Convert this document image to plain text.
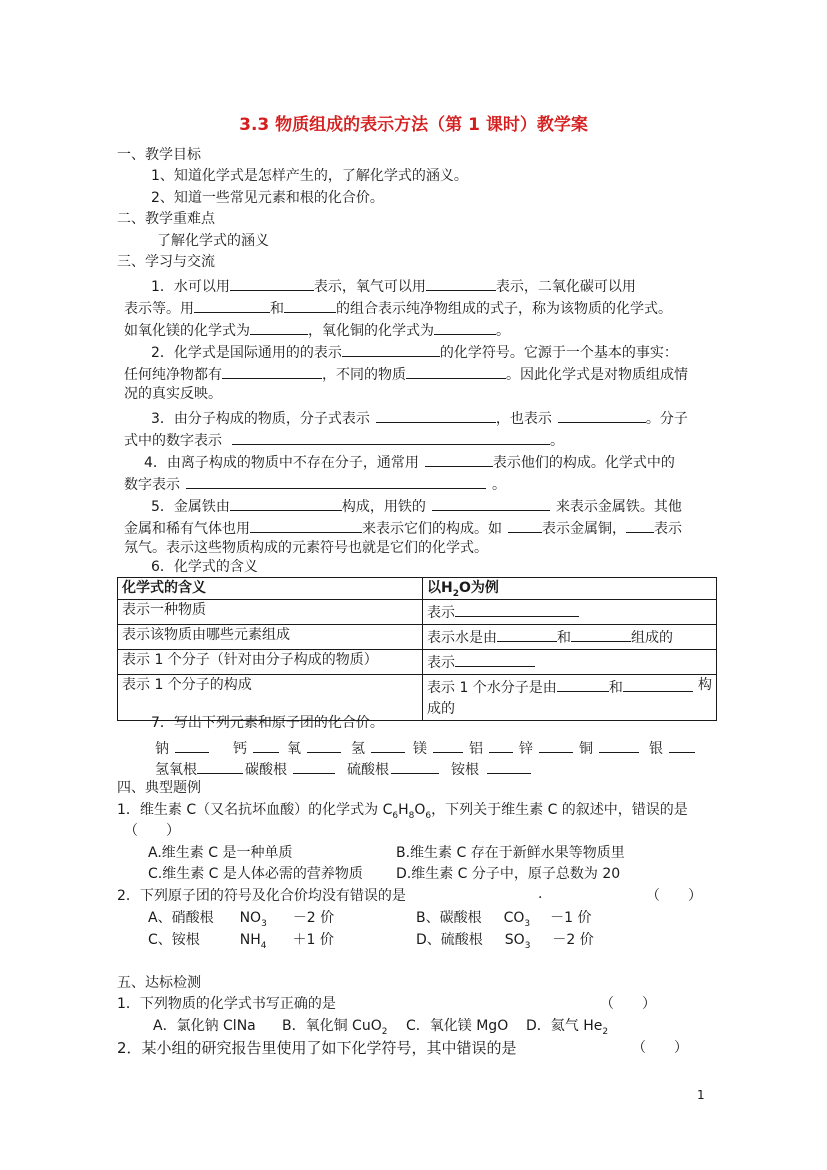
3.3 物质组成的表示方法（第 1 课时）教学案
一、教学目标
1、知道化学式是怎样产生的，了解化学式的涵义。
2、知道一些常见元素和根的化合价。
二、教学重难点
了解化学式的涵义
三、学习与交流
1．水可以用	表示，氧气可以用	表示，二氧化碳可以用
表示等。用	和	的组合表示纯净物组成的式子，称为该物质的化学式。
如氧化镁的化学式为	，氧化铜的化学式为	。
2．化学式是国际通用的的表示	的化学符号。它源于一个基本的事实：
任何纯净物都有	，不同的物质	。因此化学式是对物质组成情
况的真实反映。
3．由分子构成的物质，分子式表示	，也表示	。分子
式中的数字表示	。
4．由离子构成的物质中不存在分子，通常用	表示他们的构成。化学式中的
数字表示	。
5．金属铁由	构成，用铁的	来表示金属铁。其他
金属和稀有气体也用	来表示它们的构成。如	表示金属铜， 表示
氖气。表示这些物质构成的元素符号也就是它们的化学式。
6．化学式的含义
化学式的含义	以$H_2O$为例
表示一种物质	表示
表示该物质由哪些元素组成	表示水是由 和 组成的
表示 1 个分子（针对由分子构成的物质）	表示
表示 1 个分子的构成	表示 1 个水分子是由 和 构
成的
7．写出下列元素和原子团的化合价。
钠	钙	氧	氢	镁	铝	锌	铜	银
氢氧根	碳酸根	硫酸根	铵根
四、典型题例
1．维生素 C（又名抗坏血酸）的化学式为 $C_6H_8O_6$，下列关于维生素 C 的叙述中，错误的是
（　　）
A.维生素 C 是一种单质	B.维生素 C 存在于新鲜水果等物质里
C.维生素 C 是人体必需的营养物质 D.维生素 C 分子中，原子总数为 20
2．下列原子团的符号及化合价均没有错误的是	.	（　　）
A、硝酸根 $NO_3 -2$ 价	B、碳酸根 $CO_3 -1$ 价
C、铵根	$NH_4 +1$ 价	D、硫酸根 $SO_3 -2$ 价
五、达标检测
1．下列物质的化学式书写正确的是	（　　）
A．氯化钠 ClNa B．氧化铜 CuO$_2$ C．氧化镁 MgO D．氦气 $He_2$
2．某小组的研究报告里使用了如下化学符号，其中错误的是	（　　）
1
